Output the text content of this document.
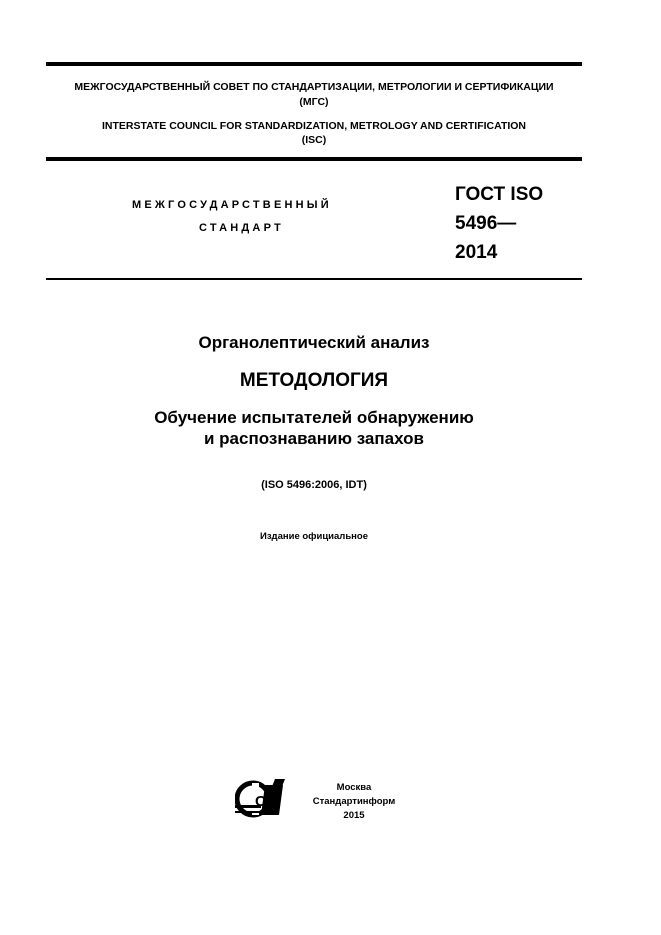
МЕЖГОСУДАРСТВЕННЫЙ СОВЕТ ПО СТАНДАРТИЗАЦИИ, МЕТРОЛОГИИ И СЕРТИФИКАЦИИ
(МГС)
INTERSTATE COUNCIL FOR STANDARDIZATION, METROLOGY AND CERTIFICATION
(ISC)
МЕЖГОСУДАРСТВЕННЫЙ
СТАНДАРТ
ГОСТ ISO
5496—
2014
Органолептический анализ
МЕТОДОЛОГИЯ
Обучение испытателей обнаружению
и распознаванию запахов
(ISO 5496:2006, IDT)
Издание официальное
СИ
Москва
Стандартинформ
2015
